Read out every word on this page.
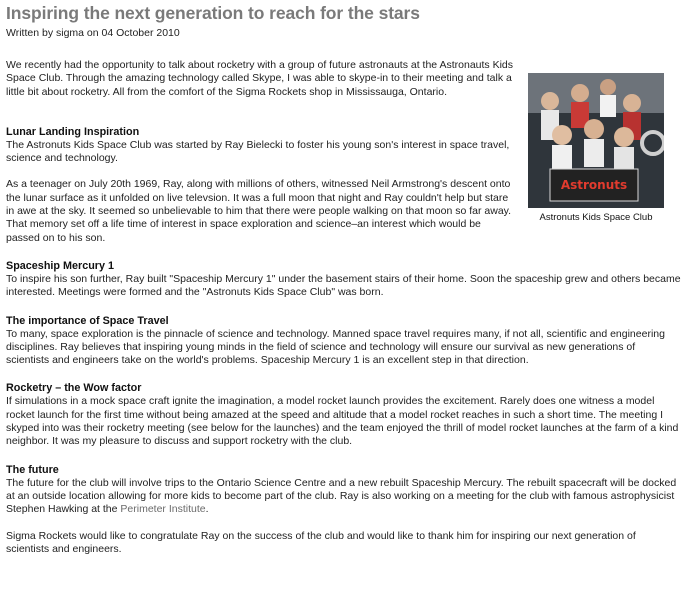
Inspiring the next generation to reach for the stars
Written by sigma on 04 October 2010

We recently had the opportunity to talk about rocketry with a group of future astronauts at the Astronauts Kids Space Club. Through the amazing technology called Skype, I was able to skype-in to their meeting and talk a little bit about rocketry. All from the comfort of the Sigma Rockets shop in Mississauga, Ontario.

Astronuts
Astronuts Kids Space Club
Lunar Landing Inspiration

The Astronuts Kids Space Club was started by Ray Bielecki to foster his young son's interest in space travel, science and technology.

As a teenager on July 20th 1969, Ray, along with millions of others, witnessed Neil Armstrong's descent onto the lunar surface as it unfolded on live televsion. It was a full moon that night and Ray couldn't help but stare in awe at the sky. It seemed so unbelievable to him that there were people walking on that moon so far away. That memory set off a life time of interest in space exploration and science–an interest which would be passed on to his son.

Spaceship Mercury 1

To inspire his son further, Ray built "Spaceship Mercury 1" under the basement stairs of their home. Soon the spaceship grew and others became interested. Meetings were formed and the "Astronuts Kids Space Club" was born.

The importance of Space Travel

To many, space exploration is the pinnacle of science and technology. Manned space travel requires many, if not all, scientific and engineering disciplines. Ray believes that inspiring young minds in the field of science and technology will ensure our survival as new generations of scientists and engineers take on the world's problems. Spaceship Mercury 1 is an excellent step in that direction.

Rocketry – the Wow factor

If simulations in a mock space craft ignite the imagination, a model rocket launch provides the excitement. Rarely does one witness a model rocket launch for the first time without being amazed at the speed and altitude that a model rocket reaches in such a short time. The meeting I skyped into was their rocketry meeting (see below for the launches) and the team enjoyed the thrill of model rocket launches at the farm of a kind neighbor. It was my pleasure to discuss and support rocketry with the club.

The future

The future for the club will involve trips to the Ontario Science Centre and a new rebuilt Spaceship Mercury. The rebuilt spacecraft will be docked at an outside location allowing for more kids to become part of the club. Ray is also working on a meeting for the club with famous astrophysicist Stephen Hawking at the Perimeter Institute.

Sigma Rockets would like to congratulate Ray on the success of the club and would like to thank him for inspiring our next generation of scientists and engineers.
